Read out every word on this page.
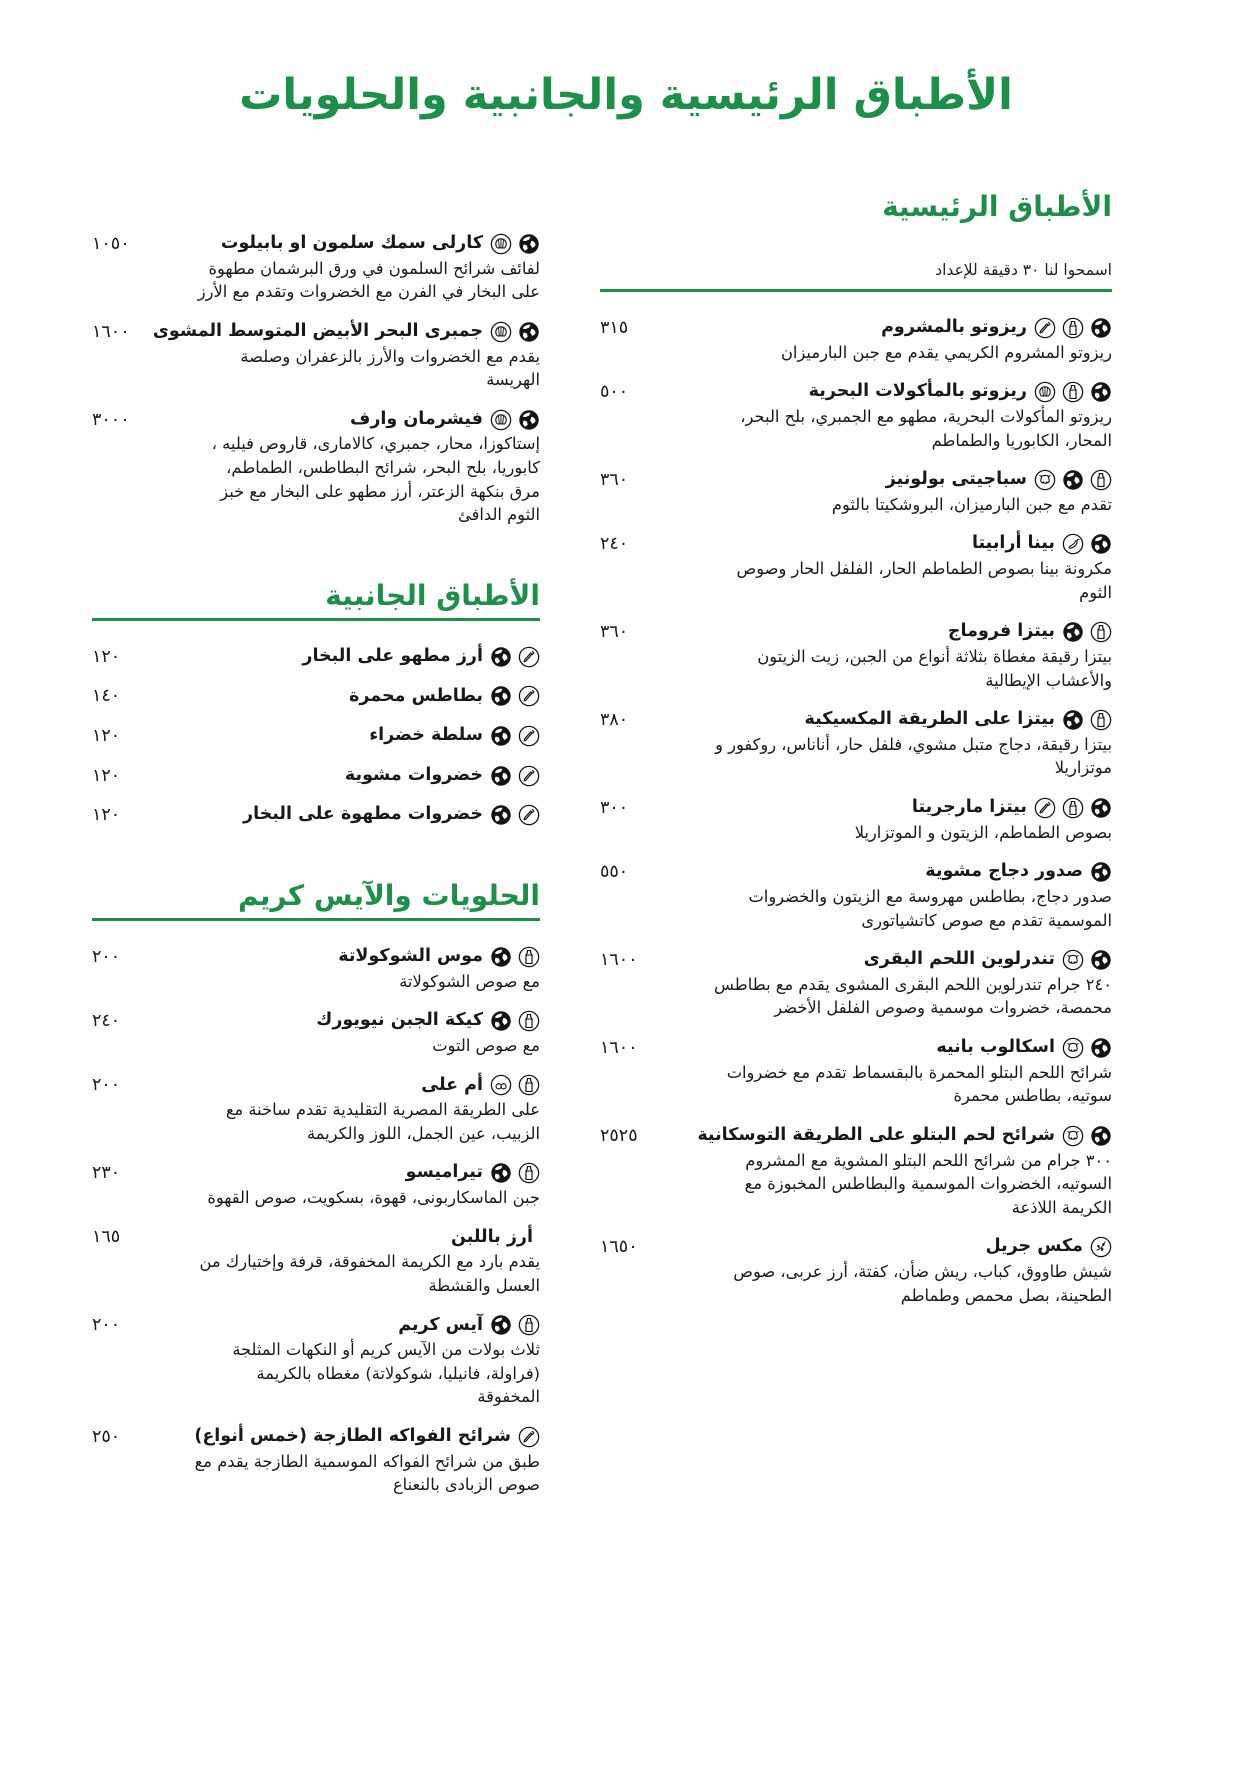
الأطباق الرئيسية والجانبية والحلويات
الأطباق الرئيسية
اسمحوا لنا ٣٠ دقيقة للإعداد
ريزوتو بالمشروم
٣١٥
ريزوتو المشروم الكريمي يقدم مع جبن البارميزان
ريزوتو بالمأكولات البحرية
٥٠٠
ريزوتو المأكولات البحرية، مطهو مع الجمبري، بلح البحر، المحار، الكابوريا والطماطم
سباجيتى بولونيز
٣٦٠
تقدم مع جبن البارميزان، البروشكيتا بالثوم
بينا أرابيتا
٢٤٠
مكرونة بينا بصوص الطماطم الحار، الفلفل الحار وصوص الثوم
بيتزا فروماج
٣٦٠
بيتزا رقيقة مغطاة بثلاثة أنواع من الجبن، زيت الزيتون والأعشاب الإيطالية
بيتزا على الطريقة المكسيكية
٣٨٠
بيتزا رقيقة، دجاج متبل مشوي، فلفل حار، أناناس، روكفور و موتزاريلا
بيتزا مارجريتا
٣٠٠
بصوص الطماطم، الزيتون و الموتزاريلا
صدور دجاج مشوية
٥٥٠
صدور دجاج، بطاطس مهروسة مع الزيتون والخضروات الموسمية تقدم مع صوص كاتشياتورى
تندرلوين اللحم البقرى
١٦٠٠
٢٤٠ جرام تندرلوين اللحم البقرى المشوى يقدم مع بطاطس محمصة، خضروات موسمية وصوص الفلفل الأخضر
اسكالوب بانيه
١٦٠٠
شرائح اللحم البتلو المحمرة بالبقسماط تقدم مع خضروات سوتيه، بطاطس محمرة
شرائح لحم البتلو على الطريقة التوسكانية
٢٥٢٥
٣٠٠ جرام من شرائح اللحم البتلو المشوية مع المشروم السوتيه، الخضروات الموسمية والبطاطس المخبوزة مع الكريمة اللاذعة
مكس جريل
١٦٥٠
شيش طاووق، كباب، ريش ضأن، كفتة، أرز عربى، صوص الطحينة، بصل محمص وطماطم
كارلى سمك سلمون او بابيلوت
١٠٥٠
لفائف شرائح السلمون في ورق البرشمان مطهوة على البخار في الفرن مع الخضروات وتقدم مع الأرز
جمبرى البحر الأبيض المتوسط المشوى
١٦٠٠
يقدم مع الخضروات والأرز بالزعفران وصلصة الهريسة
فيشرمان وارف
٣٠٠٠
إستاكوزا، محار، جمبري، كالاماری، قاروص فيليه ، كابوريا، بلح البحر، شرائح البطاطس، الطماطم، مرق بنكهة الزعتر، أرز مطهو على البخار مع خبز الثوم الدافئ
الأطباق الجانبية
أرز مطهو على البخار
١٢٠
بطاطس محمرة
١٤٠
سلطة خضراء
١٢٠
خضروات مشوية
١٢٠
خضروات مطهوة على البخار
١٢٠
الحلويات والآيس كريم
موس الشوكولاتة
٢٠٠
مع صوص الشوكولاتة
كيكة الجبن نيويورك
٢٤٠
مع صوص التوت
أم على
٢٠٠
على الطريقة المصرية التقليدية تقدم ساخنة مع الزبيب، عين الجمل، اللوز والكريمة
تيراميسو
٢٣٠
جبن الماسكاربونى، قهوة، بسكويت، صوص القهوة
أرز باللبن
١٦٥
يقدم بارد مع الكريمة المخفوقة، قرفة وإختيارك من العسل والقشطة
آيس كريم
٢٠٠
ثلاث بولات من الآيس كريم أو النكهات المثلجة (فراولة، فانيليا، شوكولاتة) مغطاه بالكريمة المخفوقة
شرائح الفواكه الطازجة (خمس أنواع)
٢٥٠
طبق من شرائح الفواكه الموسمية الطازجة يقدم مع صوص الزبادى بالنعناع
